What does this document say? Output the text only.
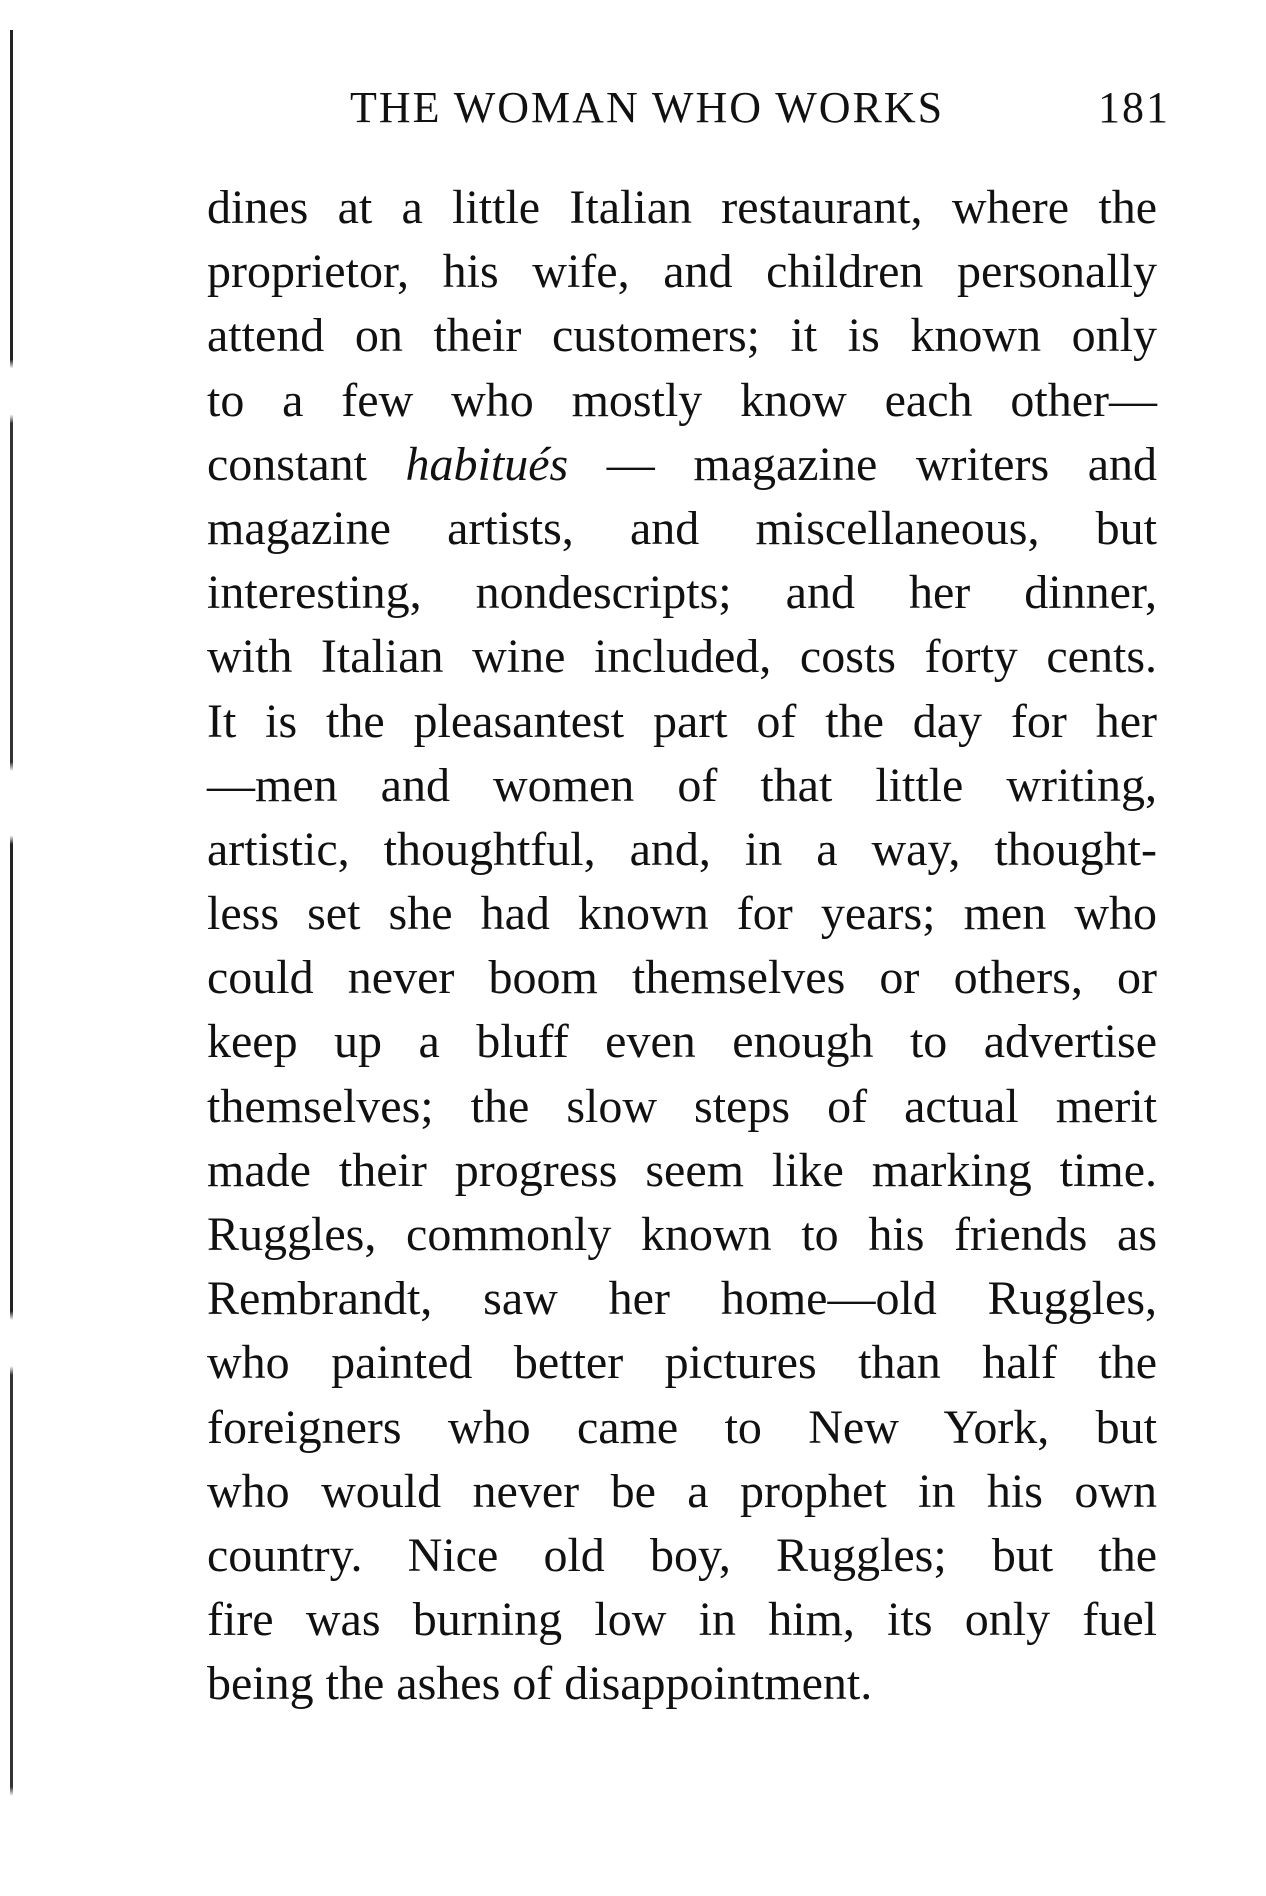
THE WOMAN WHO WORKS	181
dines at a little Italian restaurant, where the
proprietor, his wife, and children personally
attend on their customers; it is known only
to a few who mostly know each other—
constant habitués — magazine writers and
magazine artists, and miscellaneous, but
interesting, nondescripts; and her dinner,
with Italian wine included, costs forty cents.
It is the pleasantest part of the day for her
—men and women of that little writing,
artistic, thoughtful, and, in a way, thought-
less set she had known for years; men who
could never boom themselves or others, or
keep up a bluff even enough to advertise
themselves; the slow steps of actual merit
made their progress seem like marking time.
Ruggles, commonly known to his friends as
Rembrandt, saw her home—old Ruggles,
who painted better pictures than half the
foreigners who came to New York, but
who would never be a prophet in his own
country. Nice old boy, Ruggles; but the
fire was burning low in him, its only fuel
being the ashes of disappointment.
